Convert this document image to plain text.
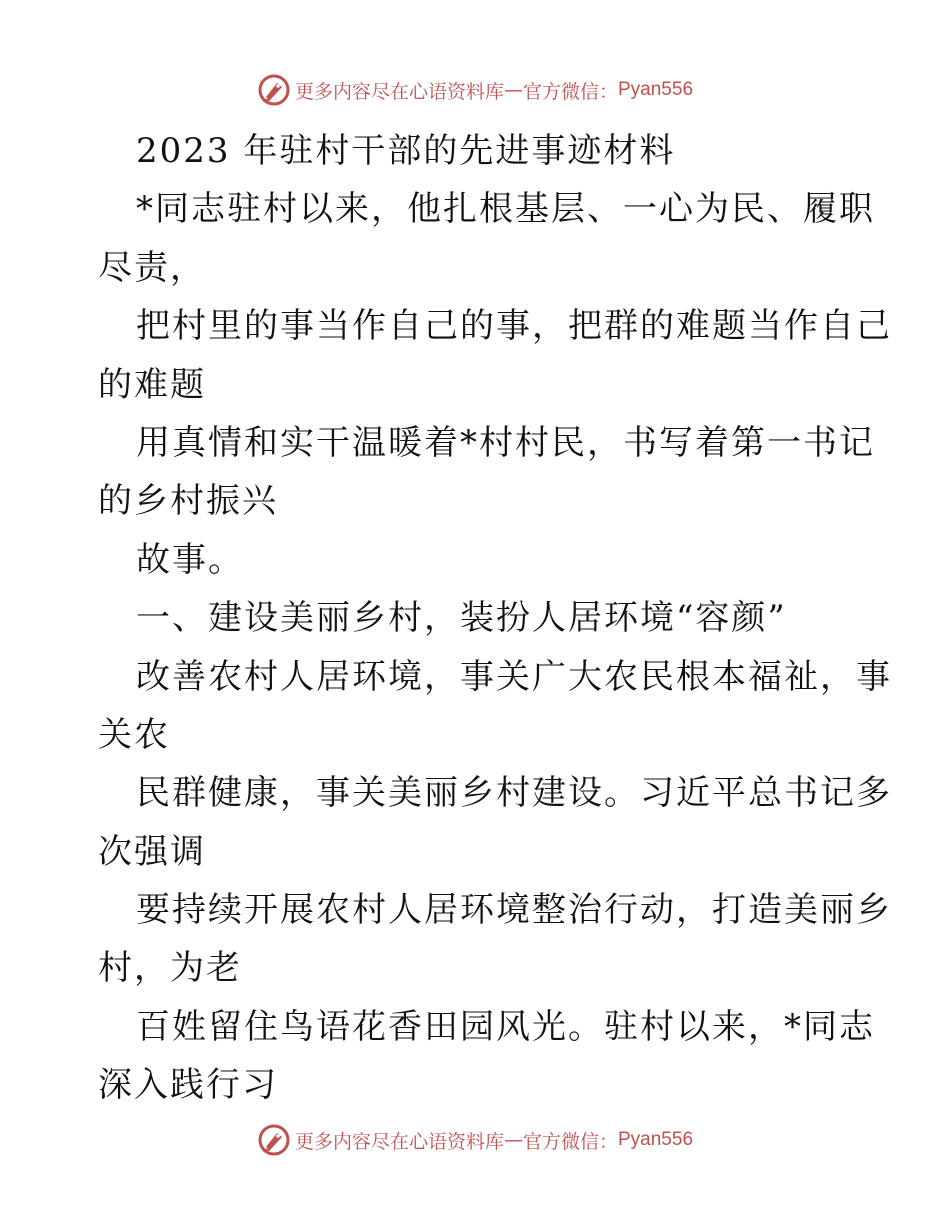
更多内容尽在心语资料库 — 官方微信： Pyan556
2023 年驻村干部的先进事迹材料
*同志驻村以来，他扎根基层、一心为民、履职
尽责，
把村里的事当作自己的事，把群的难题当作自己
的难题
用真情和实干温暖着*村村民，书写着第一书记
的乡村振兴
故事。
一、建设美丽乡村，装扮人居环境“容颜”
改善农村人居环境，事关广大农民根本福祉，事
关农
民群健康，事关美丽乡村建设。习近平总书记多
次强调
要持续开展农村人居环境整治行动，打造美丽乡
村，为老
百姓留住鸟语花香田园风光。驻村以来，*同志
深入践行习
更多内容尽在心语资料库 — 官方微信： Pyan556
